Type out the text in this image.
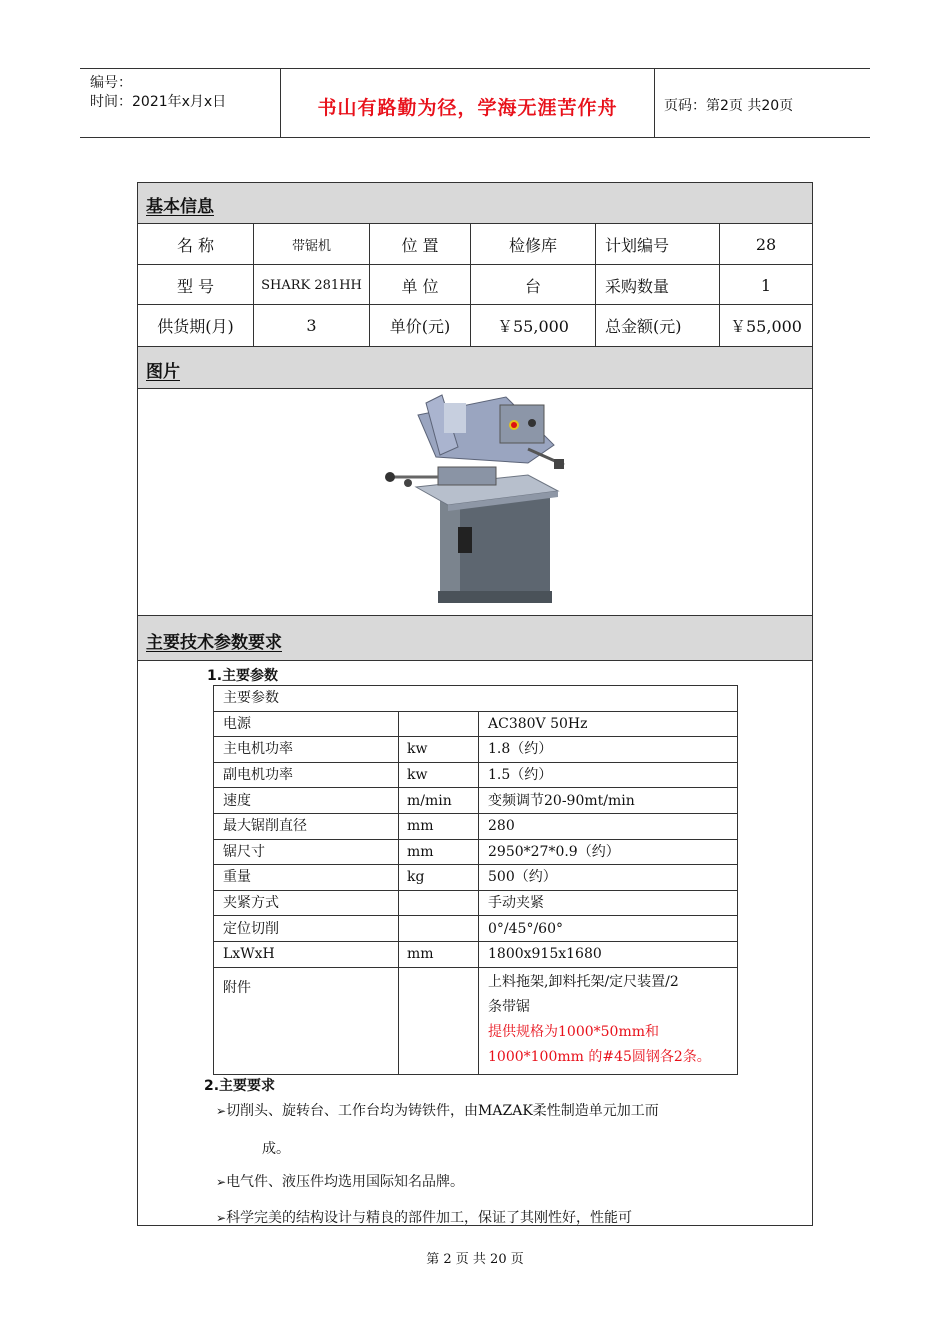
编号：
时间：2021年x月x日	书山有路勤为径，学海无涯苦作舟	页码：第2页 共20页
基本信息
名 称	带锯机	位 置	检修库	计划编号	28
型 号	SHARK 281HH	单 位	台	采购数量	1
供货期(月)	3	单价(元)	￥55,000	总金额(元)	￥55,000
图片
主要技术参数要求
1.主要参数
主要参数		
电源		AC380V 50Hz
主电机功率	kw	1.8（约）
副电机功率	kw	1.5（约）
速度	m/min	变频调节20-90mt/min
最大锯削直径	mm	280
锯尺寸	mm	2950*27*0.9（约）
重量	kg	500（约）
夹紧方式		手动夹紧
定位切削		0°/45°/60°
LxWxH	mm	1800x915x1680
附件		上料拖架,卸料托架/定尺装置/2
条带锯
提供规格为1000*50mm和
1000*100mm 的#45圆钢各2条。
2.主要要求
➢切削头、旋转台、工作台均为铸铁件，由MAZAK柔性制造单元加工而
成。
➢电气件、液压件均选用国际知名品牌。
➢科学完美的结构设计与精良的部件加工，保证了其刚性好，性能可
第 2 页 共 20 页
